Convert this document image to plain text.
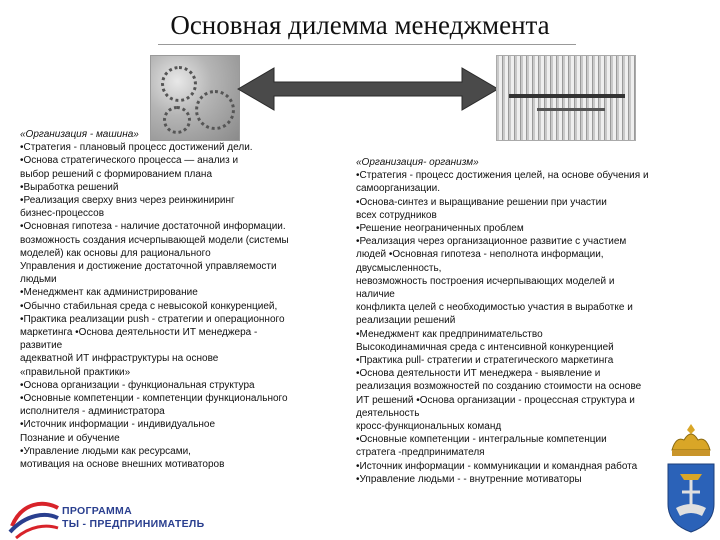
Основная дилемма менеджмента

«Организация - машина»

•Стратегия - плановый процесс достижений дели.

•Основа стратегического процесса — анализ и

выбор решений с формированием плана

•Выработка решений

•Реализация сверху вниз через реинжиниринг

бизнес-процессов

•Основная гипотеза - наличие достаточной информации.

возможность создания исчерпывающей модели (системы

моделей) как основы для рационального

Управления и достижение достаточной управляемости

людьми

•Менеджмент как администрирование

•Обычно стабильная среда с невысокой конкуренцией,

•Практика реализации push - стратегии и операционного

маркетинга •Основа деятельности ИТ менеджера -

развитие

адекватной ИТ инфраструктуры на основе

«правильной практики»

•Основа организации - функциональная структура

•Основные компетенции - компетенции функционального

исполнителя - администратора

•Источник информации - индивидуальное

Познание и обучение

•Управление людьми как ресурсами,

мотивация на основе внешних мотиваторов

«Организация- организм»

•Стратегия - процесс достижения целей, на основе обучения и

самоорганизации.

•Основа-синтез и выращивание решении при участии

всех сотрудников

•Решение неограниченных проблем

•Реализация через организационное развитие с участием

людей •Основная гипотеза - неполнота информации,

двусмысленность,

невозможность построения исчерпывающих моделей и

наличие

конфликта целей с необходимостью участия в выработке и

реализации решений

•Менеджмент как предпринимательство

Высокодинамичная среда с интенсивной конкуренцией

•Практика pull- стратегии и стратегического маркетинга

•Основа деятельности ИТ менеджера - выявление и

реализация возможностей по созданию стоимости на основе

ИТ решений •Основа организации - процессная структура и

деятельность

кросс-функциональных команд

•Основные компетенции - интегральные компетенции

стратега -предпринимателя

•Источник информации - коммуникации и командная работа

•Управление людьми - - внутренние мотиваторы

ПРОГРАММА
ТЫ - ПРЕДПРИНИМАТЕЛЬ
